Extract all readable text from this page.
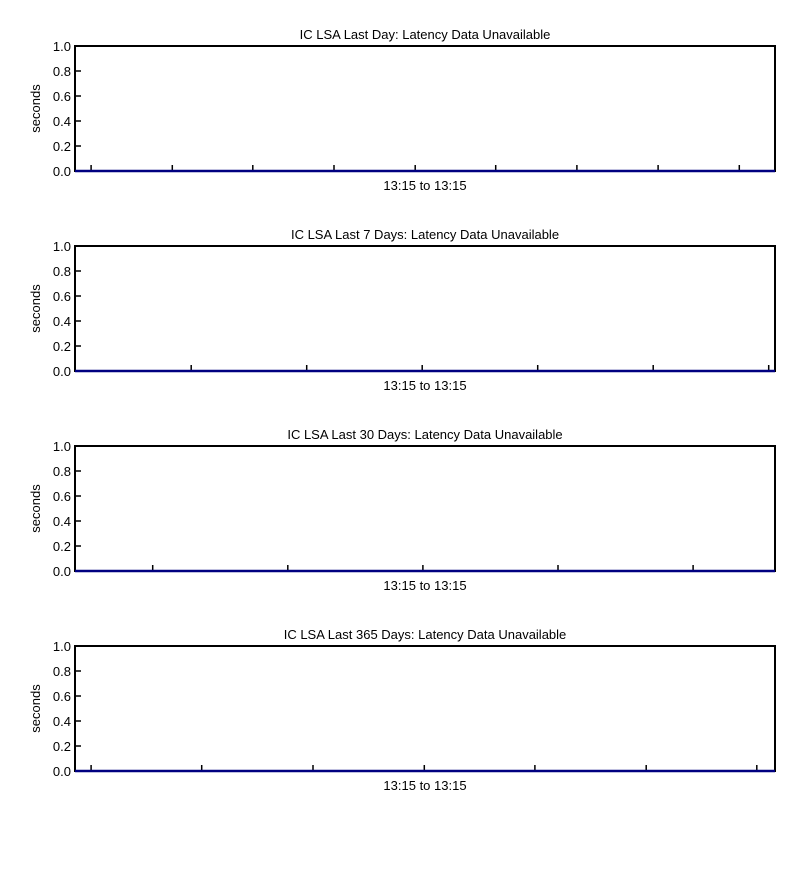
IC LSA Last Day: Latency Data Unavailable
0.0
0.2
0.4
0.6
0.8
1.0
seconds
13:15 to 13:15
IC LSA Last 7 Days: Latency Data Unavailable
0.0
0.2
0.4
0.6
0.8
1.0
seconds
13:15 to 13:15
IC LSA Last 30 Days: Latency Data Unavailable
0.0
0.2
0.4
0.6
0.8
1.0
seconds
13:15 to 13:15
IC LSA Last 365 Days: Latency Data Unavailable
0.0
0.2
0.4
0.6
0.8
1.0
seconds
13:15 to 13:15
